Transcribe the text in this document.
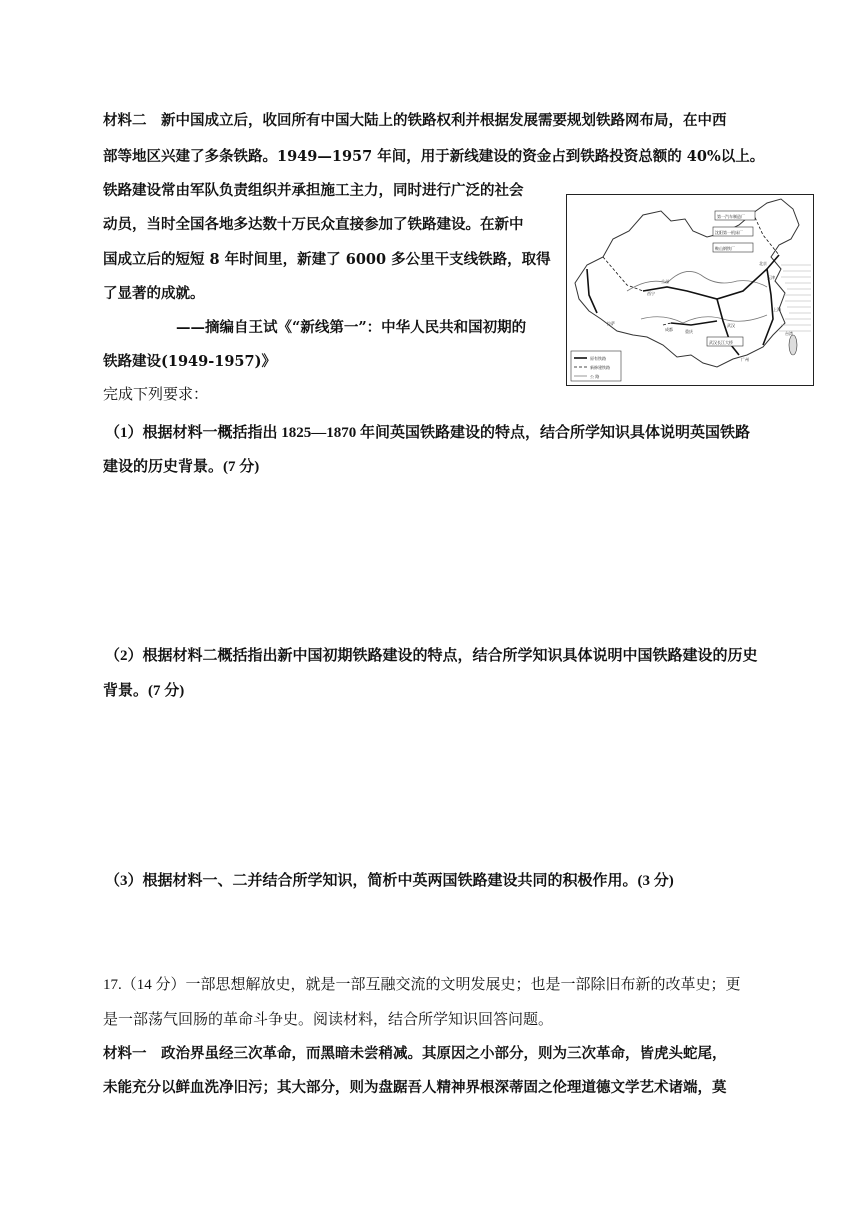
材料二　新中国成立后，收回所有中国大陆上的铁路权利并根据发展需要规划铁路网布局，在中西
部等地区兴建了多条铁路。1949—1957 年间，用于新线建设的资金占到铁路投资总额的 40%以上。
铁路建设常由军队负责组织并承担施工主力，同时进行广泛的社会
动员，当时全国各地多达数十万民众直接参加了铁路建设。在新中
国成立后的短短 8 年时间里，新建了 6000 多公里干支线铁路，取得
了显著的成就。
——摘编自王试《“新线第一”：中华人民共和国初期的
铁路建设(1949-1957)》
第一汽车制造厂
沈阳第一机床厂
鞍山钢铁厂
北京
天津
上海
武汉
广州
台湾
兰州
西宁
成都	重庆
武汉长江大桥
拉萨
原有铁路
新修建铁路
公 路
完成下列要求：
（1）根据材料一概括指出 1825—1870 年间英国铁路建设的特点，结合所学知识具体说明英国铁路
建设的历史背景。(7 分)
（2）根据材料二概括指出新中国初期铁路建设的特点，结合所学知识具体说明中国铁路建设的历史
背景。(7 分)
（3）根据材料一、二并结合所学知识，简析中英两国铁路建设共同的积极作用。(3 分)
17.（14 分）一部思想解放史，就是一部互融交流的文明发展史；也是一部除旧布新的改革史；更
是一部荡气回肠的革命斗争史。阅读材料，结合所学知识回答问题。
材料一　政治界虽经三次革命，而黑暗未尝稍减。其原因之小部分，则为三次革命，皆虎头蛇尾，
未能充分以鲜血洗净旧污；其大部分，则为盘踞吾人精神界根深蒂固之伦理道德文学艺术诸端，莫
